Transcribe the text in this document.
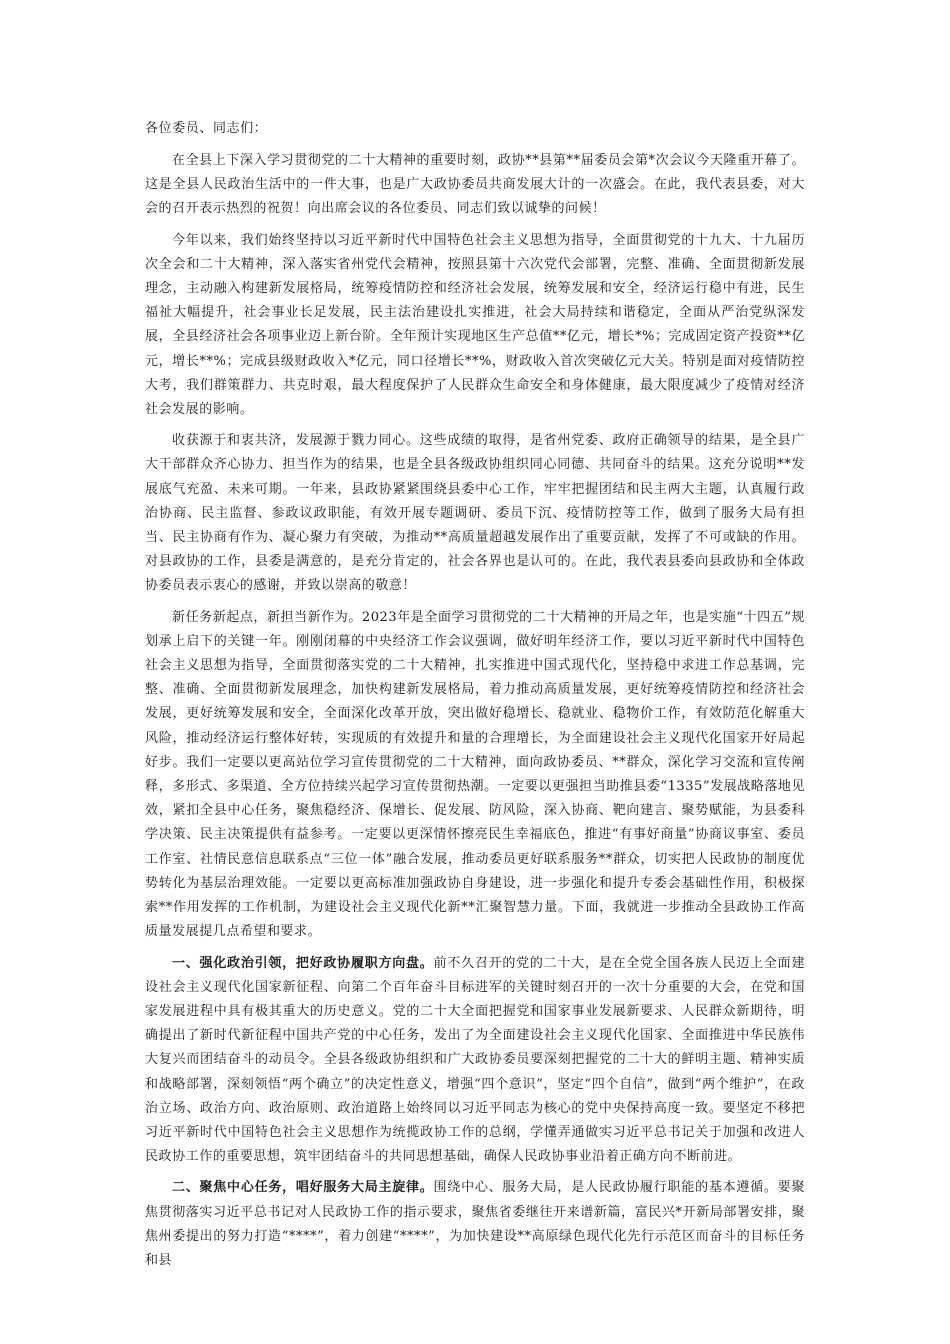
各位委员、同志们：

在全县上下深入学习贯彻党的二十大精神的重要时刻，政协**县第**届委员会第*次会议今天隆重开幕了。这是全县人民政治生活中的一件大事，也是广大政协委员共商发展大计的一次盛会。在此，我代表县委，对大会的召开表示热烈的祝贺！向出席会议的各位委员、同志们致以诚挚的问候！

今年以来，我们始终坚持以习近平新时代中国特色社会主义思想为指导，全面贯彻党的十九大、十九届历次全会和二十大精神，深入落实省州党代会精神，按照县第十六次党代会部署，完整、准确、全面贯彻新发展理念，主动融入构建新发展格局，统筹疫情防控和经济社会发展，统筹发展和安全，经济运行稳中有进，民生福祉大幅提升，社会事业长足发展，民主法治建设扎实推进，社会大局持续和谐稳定，全面从严治党纵深发展，全县经济社会各项事业迈上新台阶。全年预计实现地区生产总值**亿元，增长*%；完成固定资产投资**亿元，增长**%；完成县级财政收入*亿元，同口径增长**%，财政收入首次突破亿元大关。特别是面对疫情防控大考，我们群策群力、共克时艰，最大程度保护了人民群众生命安全和身体健康，最大限度减少了疫情对经济社会发展的影响。

收获源于和衷共济，发展源于戮力同心。这些成绩的取得，是省州党委、政府正确领导的结果，是全县广大干部群众齐心协力、担当作为的结果，也是全县各级政协组织同心同德、共同奋斗的结果。这充分说明**发展底气充盈、未来可期。一年来，县政协紧紧围绕县委中心工作，牢牢把握团结和民主两大主题，认真履行政治协商、民主监督、参政议政职能，有效开展专题调研、委员下沉、疫情防控等工作，做到了服务大局有担当、民主协商有作为、凝心聚力有突破，为推动**高质量超越发展作出了重要贡献，发挥了不可或缺的作用。对县政协的工作，县委是满意的，是充分肯定的，社会各界也是认可的。在此，我代表县委向县政协和全体政协委员表示衷心的感谢，并致以崇高的敬意！

新任务新起点，新担当新作为。2023年是全面学习贯彻党的二十大精神的开局之年，也是实施“十四五”规划承上启下的关键一年。刚刚闭幕的中央经济工作会议强调，做好明年经济工作，要以习近平新时代中国特色社会主义思想为指导，全面贯彻落实党的二十大精神，扎实推进中国式现代化，坚持稳中求进工作总基调，完整、准确、全面贯彻新发展理念，加快构建新发展格局，着力推动高质量发展，更好统筹疫情防控和经济社会发展，更好统筹发展和安全，全面深化改革开放，突出做好稳增长、稳就业、稳物价工作，有效防范化解重大风险，推动经济运行整体好转，实现质的有效提升和量的合理增长，为全面建设社会主义现代化国家开好局起好步。我们一定要以更高站位学习宣传贯彻党的二十大精神，面向政协委员、**群众，深化学习交流和宣传阐释，多形式、多渠道、全方位持续兴起学习宣传贯彻热潮。一定要以更强担当助推县委“1335”发展战略落地见效，紧扣全县中心任务，聚焦稳经济、保增长、促发展、防风险，深入协商、靶向建言、聚势赋能，为县委科学决策、民主决策提供有益参考。一定要以更深情怀擦亮民生幸福底色，推进“有事好商量”协商议事室、委员工作室、社情民意信息联系点“三位一体”融合发展，推动委员更好联系服务**群众，切实把人民政协的制度优势转化为基层治理效能。一定要以更高标准加强政协自身建设，进一步强化和提升专委会基础性作用，积极探索**作用发挥的工作机制，为建设社会主义现代化新**汇聚智慧力量。下面，我就进一步推动全县政协工作高质量发展提几点希望和要求。

一、强化政治引领，把好政协履职方向盘。前不久召开的党的二十大，是在全党全国各族人民迈上全面建设社会主义现代化国家新征程、向第二个百年奋斗目标进军的关键时刻召开的一次十分重要的大会，在党和国家发展进程中具有极其重大的历史意义。党的二十大全面把握党和国家事业发展新要求、人民群众新期待，明确提出了新时代新征程中国共产党的中心任务，发出了为全面建设社会主义现代化国家、全面推进中华民族伟大复兴而团结奋斗的动员令。全县各级政协组织和广大政协委员要深刻把握党的二十大的鲜明主题、精神实质和战略部署，深刻领悟“两个确立”的决定性意义，增强“四个意识”，坚定“四个自信”，做到“两个维护”，在政治立场、政治方向、政治原则、政治道路上始终同以习近平同志为核心的党中央保持高度一致。要坚定不移把习近平新时代中国特色社会主义思想作为统揽政协工作的总纲，学懂弄通做实习近平总书记关于加强和改进人民政协工作的重要思想，筑牢团结奋斗的共同思想基础，确保人民政协事业沿着正确方向不断前进。

二、聚焦中心任务，唱好服务大局主旋律。围绕中心、服务大局，是人民政协履行职能的基本遵循。要聚焦贯彻落实习近平总书记对人民政协工作的指示要求，聚焦省委继往开来谱新篇，富民兴*开新局部署安排，聚焦州委提出的努力打造“****”，着力创建“****”，为加快建设**高原绿色现代化先行示范区而奋斗的目标任务和县
